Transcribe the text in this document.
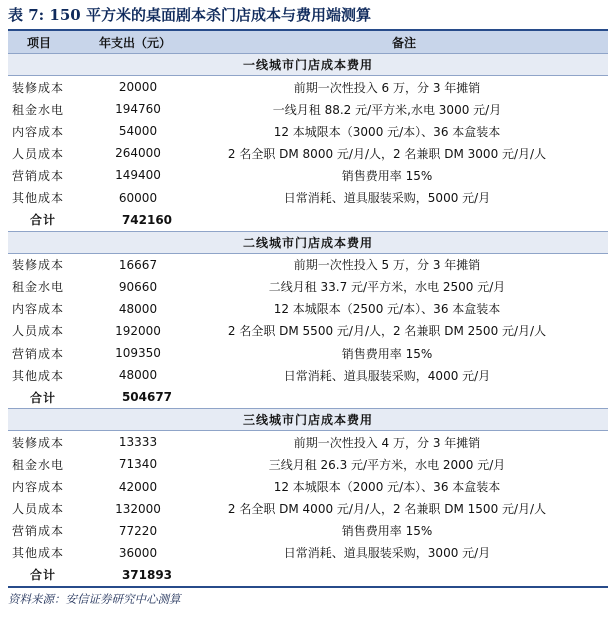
表 7: 150 平方米的桌面剧本杀门店成本与费用端测算
项目	年支出（元）	备注
一线城市门店成本费用
装修成本	20000	前期一次性投入 6 万，分 3 年摊销
租金水电	194760	一线月租 88.2 元/平方米,水电 3000 元/月
内容成本	54000	12 本城限本（3000 元/本）、36 本盒装本
人员成本	264000	2 名全职 DM 8000 元/月/人，2 名兼职 DM 3000 元/月/人
营销成本	149400	销售费用率 15%
其他成本	60000	日常消耗、道具服装采购，5000 元/月
合计	742160
二线城市门店成本费用
装修成本	16667	前期一次性投入 5 万，分 3 年摊销
租金水电	90660	二线月租 33.7 元/平方米，水电 2500 元/月
内容成本	48000	12 本城限本（2500 元/本）、36 本盒装本
人员成本	192000	2 名全职 DM 5500 元/月/人，2 名兼职 DM 2500 元/月/人
营销成本	109350	销售费用率 15%
其他成本	48000	日常消耗、道具服装采购，4000 元/月
合计	504677
三线城市门店成本费用
装修成本	13333	前期一次性投入 4 万，分 3 年摊销
租金水电	71340	三线月租 26.3 元/平方米，水电 2000 元/月
内容成本	42000	12 本城限本（2000 元/本）、36 本盒装本
人员成本	132000	2 名全职 DM 4000 元/月/人，2 名兼职 DM 1500 元/月/人
营销成本	77220	销售费用率 15%
其他成本	36000	日常消耗、道具服装采购，3000 元/月
合计	371893
资料来源：安信证券研究中心测算
